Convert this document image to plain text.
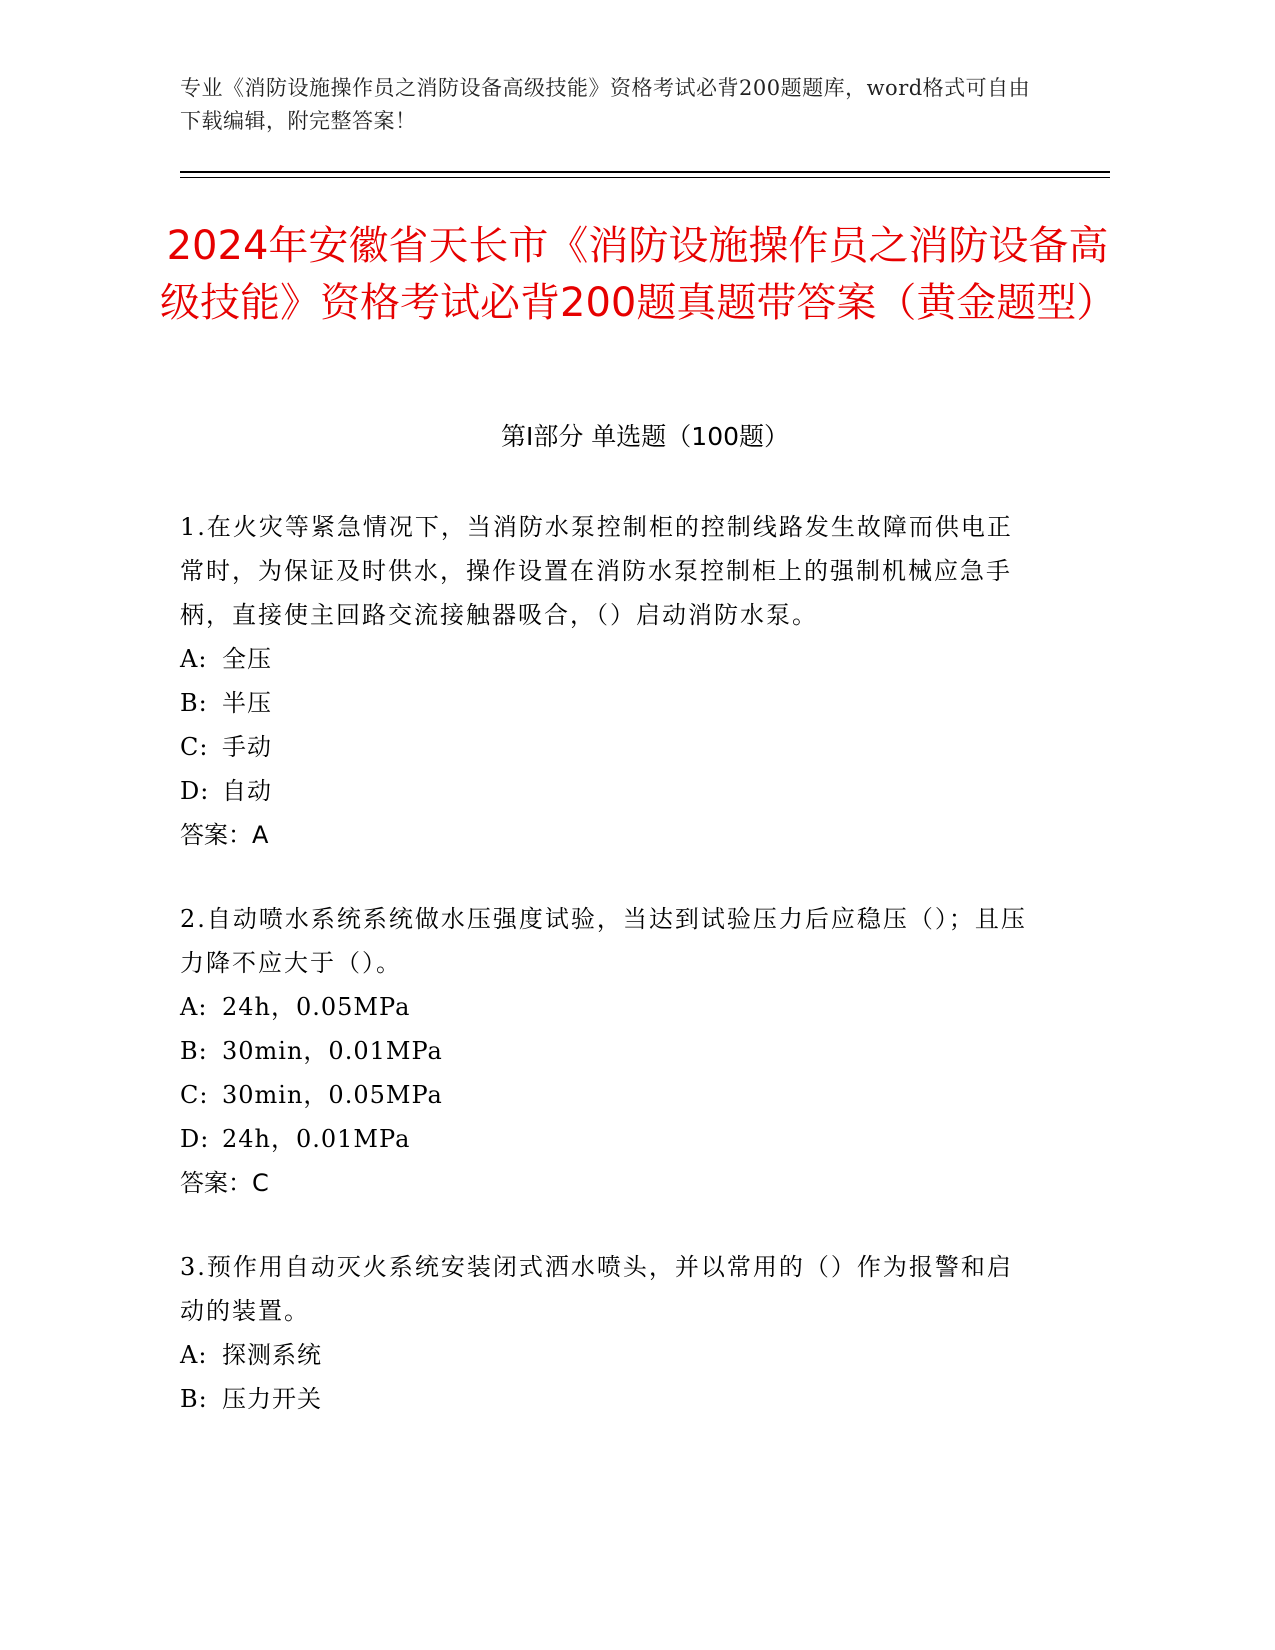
专业《消防设施操作员之消防设备高级技能》资格考试必背200题题库，word格式可自由下载编辑，附完整答案！
2024年安徽省天长市《消防设施操作员之消防设备高级技能》资格考试必背200题真题带答案（黄金题型）
第I部分 单选题（100题）

1.在火灾等紧急情况下，当消防水泵控制柜的控制线路发生故障而供电正常时，为保证及时供水，操作设置在消防水泵控制柜上的强制机械应急手柄，直接使主回路交流接触器吸合，（）启动消防水泵。

A: 全压

B: 半压

C: 手动

D: 自动

答案：A

2.自动喷水系统系统做水压强度试验，当达到试验压力后应稳压（）；且压力降不应大于（）。

A: 24h，0.05MPa

B: 30min，0.01MPa

C: 30min，0.05MPa

D: 24h，0.01MPa

答案：C

3.预作用自动灭火系统安装闭式洒水喷头，并以常用的（）作为报警和启动的装置。

A: 探测系统

B: 压力开关
